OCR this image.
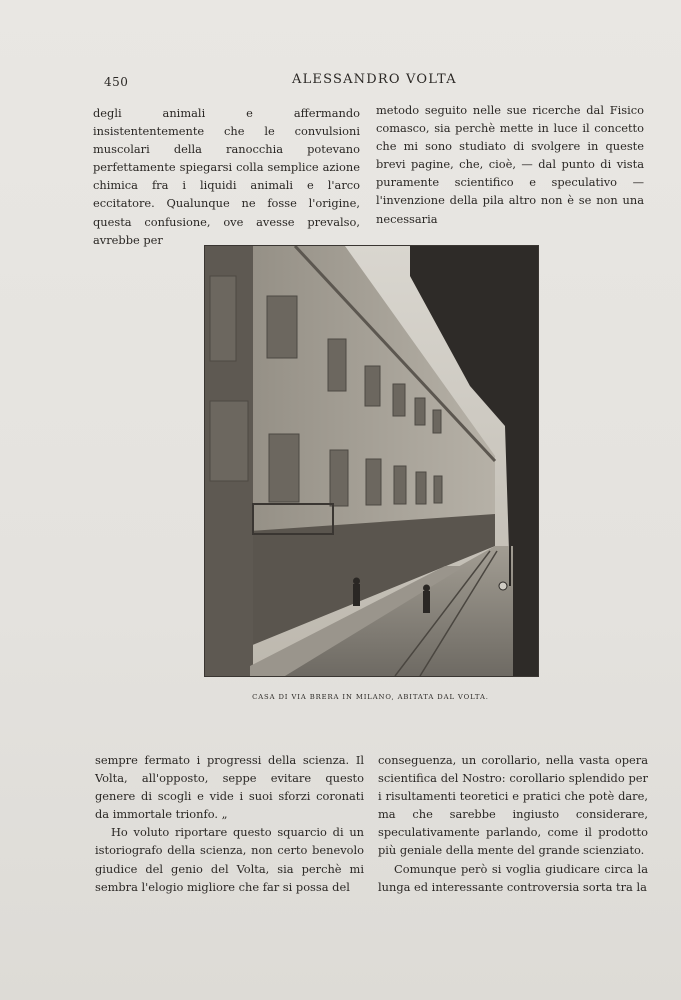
450	ALESSANDRO VOLTA

degli animali e affermando insistententemente che le convulsioni muscolari della ranocchia potevano perfettamente spiegarsi colla semplice azione chimica fra i liquidi animali e l'arco eccitatore. Qualunque ne fosse l'origine, questa confusione, ove avesse prevalso, avrebbe per

metodo seguito nelle sue ricerche dal Fisico comasco, sia perchè mette in luce il concetto che mi sono studiato di svolgere in queste brevi pagine, che, cioè, — dal punto di vista puramente scientifico e speculativo — l'invenzione della pila altro non è se non una necessaria

CASA DI VIA BRERA IN MILANO, ABITATA DAL VOLTA.

sempre fermato i progressi della scienza. Il Volta, all'opposto, seppe evitare questo genere di scogli e vide i suoi sforzi coronati da immortale trionfo. „

Ho voluto riportare questo squarcio di un istoriografo della scienza, non certo benevolo giudice del genio del Volta, sia perchè mi sembra l'elogio migliore che far si possa del

conseguenza, un corollario, nella vasta opera scientifica del Nostro: corollario splendido per i risultamenti teoretici e pratici che potè dare, ma che sarebbe ingiusto considerare, speculativamente parlando, come il prodotto più geniale della mente del grande scienziato.

Comunque però si voglia giudicare circa la lunga ed interessante controversia sorta tra la
